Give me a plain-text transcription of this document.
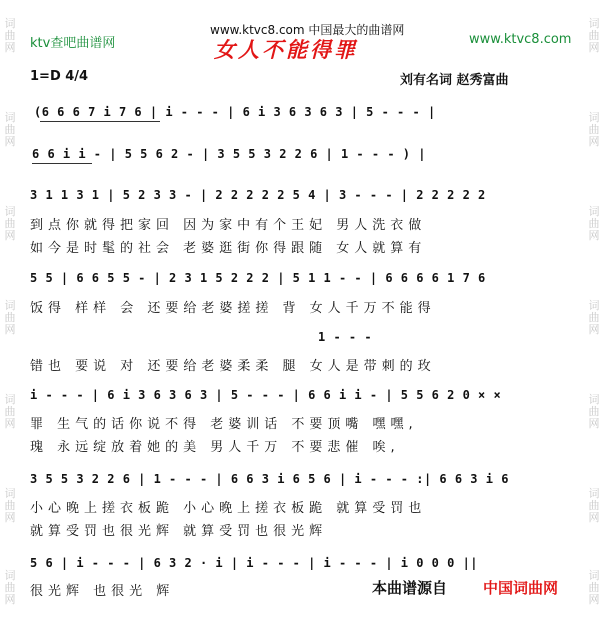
词
曲
网
词
曲
网
词
曲
网
词
曲
网
词
曲
网
词
曲
网
词
曲
网
词
曲
网
词
曲
网
词
曲
网
词
曲
网
词
曲
网
词
曲
网
词
曲
网
ktv查吧曲谱网
www.ktvc8.com 中国最大的曲谱网
www.ktvc8.com
女人不能得罪
1=D 4/4	刘有名词 赵秀富曲
(6 6 6 7 i 7 6 | i - - - | 6 i 3 6 3 6 3 | 5 - - - |
6 6 i i - | 5 5 6 2 - | 3 5 5 3 2 2 6 | 1 - - - ) |
3 1 1 3 1 | 5 2 3 3 - | 2 2 2 2 2 5 4 | 3 - - - | 2 2 2 2 2
到点你就得把家回 因为家中有个王妃 男人洗衣做
如今是时髦的社会 老婆逛街你得跟随 女人就算有
5 5 | 6 6 5 5 - | 2 3 1 5 2 2 2 | 5 1 1 - - | 6 6 6 6 1 7 6
饭得 样样 会 还要给老婆搓搓 背 女人千万不能得
1 - - -
错也 要说 对 还要给老婆柔柔 腿 女人是带刺的玫
i - - - | 6 i 3 6 3 6 3 | 5 - - - | 6 6 i i - | 5 5 6 2 0 × ×
罪 生气的话你说不得 老婆训话 不要顶嘴 嘿嘿,
瑰 永远绽放着她的美 男人千万 不要悲催 唉,
3 5 5 3 2 2 6 | 1 - - - | 6 6 3 i 6 5 6 | i - - - :| 6 6 3 i 6
小心晚上搓衣板跪 小心晚上搓衣板跪 就算受罚也
就算受罚也很光辉 就算受罚也很光辉
5 6 | i - - - | 6 3 2 · i | i - - - | i - - - | i 0 0 0 ||
很光辉 也很光 辉	本曲谱源自 中国词曲网
